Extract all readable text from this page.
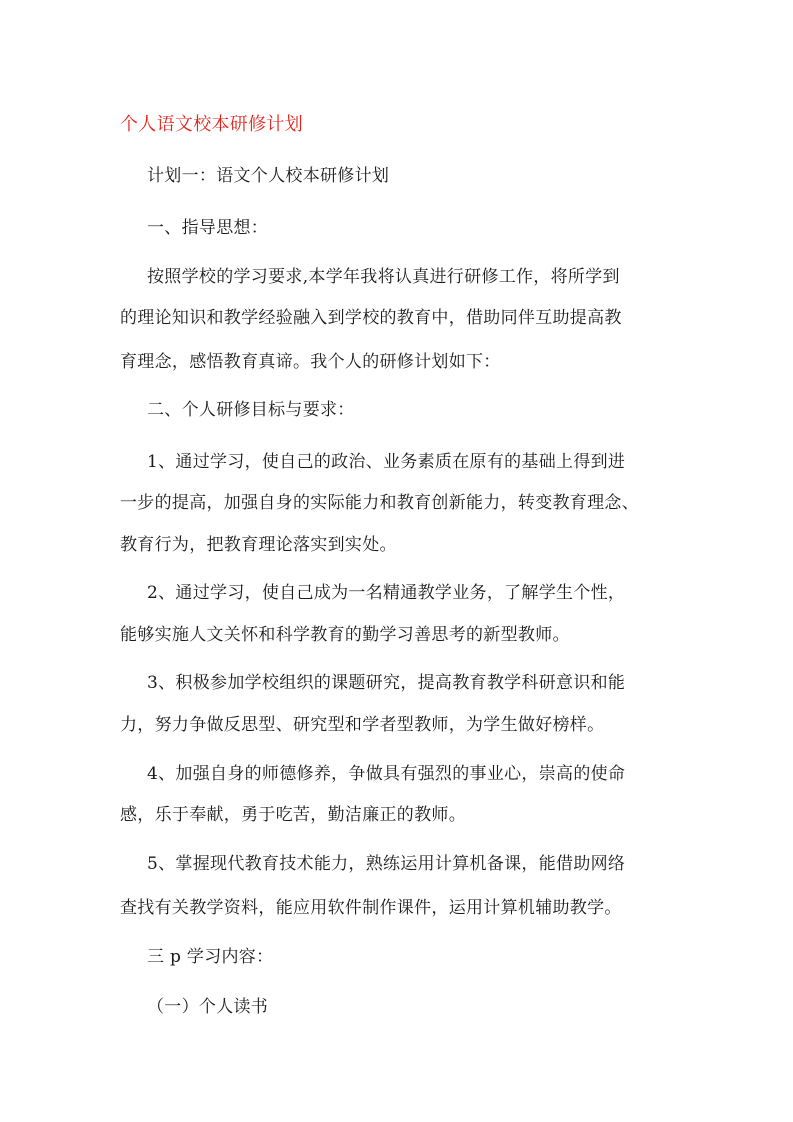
个人语文校本研修计划
计划一：语文个人校本研修计划
一、指导思想：
按照学校的学习要求,本学年我将认真进行研修工作，将所学到
的理论知识和教学经验融入到学校的教育中，借助同伴互助提高教
育理念，感悟教育真谛。我个人的研修计划如下：
二、个人研修目标与要求：
1、通过学习，使自己的政治、业务素质在原有的基础上得到进
一步的提高，加强自身的实际能力和教育创新能力，转变教育理念、
教育行为，把教育理论落实到实处。
2、通过学习，使自己成为一名精通教学业务，了解学生个性，
能够实施人文关怀和科学教育的勤学习善思考的新型教师。
3、积极参加学校组织的课题研究，提高教育教学科研意识和能
力，努力争做反思型、研究型和学者型教师，为学生做好榜样。
4、加强自身的师德修养，争做具有强烈的事业心，崇高的使命
感，乐于奉献，勇于吃苦，勤洁廉正的教师。
5、掌握现代教育技术能力，熟练运用计算机备课，能借助网络
查找有关教学资料，能应用软件制作课件，运用计算机辅助教学。
三 p 学习内容：
（一）个人读书
